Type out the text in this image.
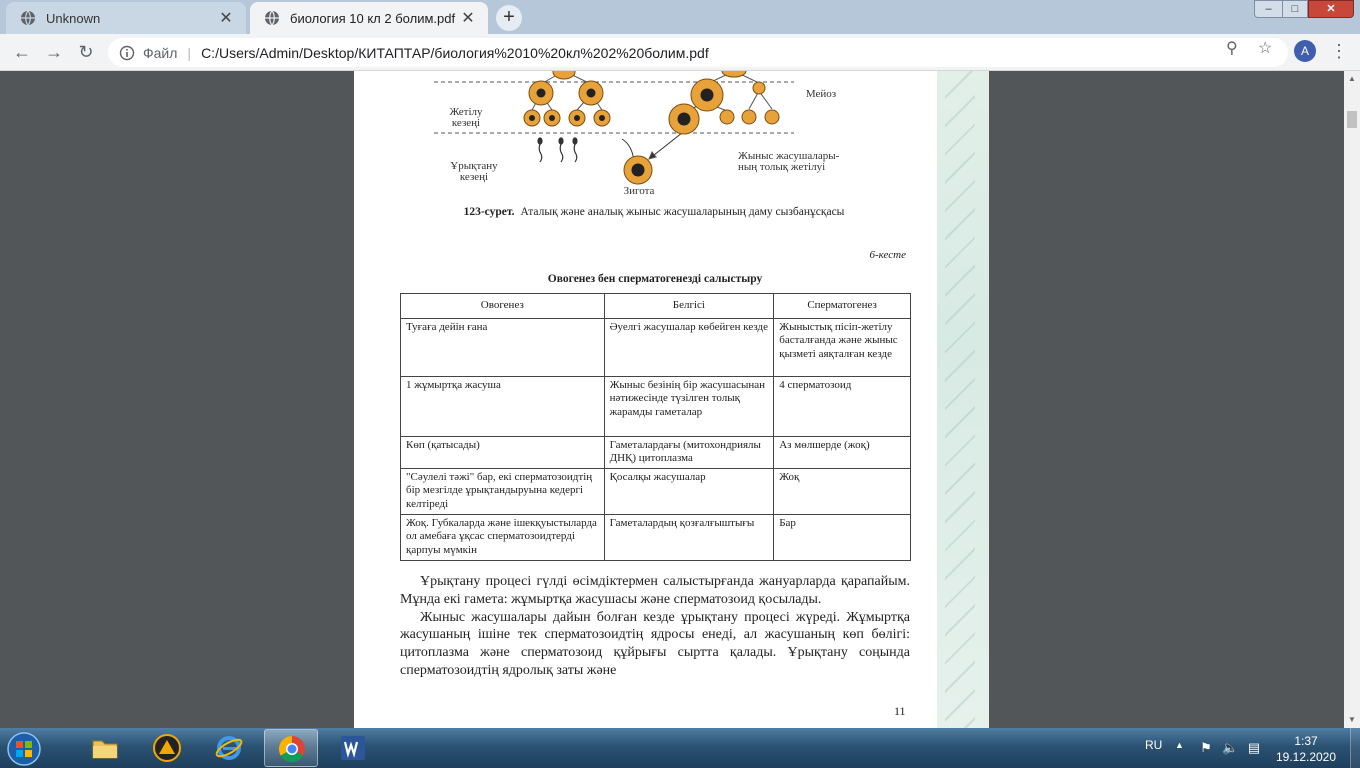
Unknown	✕	биология 10 кл 2 болим.pdf ✕	+	–	□	✕
← → ↻	Файл | C:/Users/Admin/Desktop/КИТАПТАР/биология%2010%20кл%202%20болим.pdf	⚲ ☆	A	⋮
Мейоз
Жетілу
кезеңі
Ұрықтану
кезеңі
Жыныс жасушалары-
ның толық жетілуі
Зигота
123-сурет. Аталық және аналық жыныс жасушаларының даму сызбанұсқасы
6-кесте
Овогенез бен сперматогенезді салыстыру
Овогенез	Белгісі	Сперматогенез
Туғаға дейін ғана	Әуелгі жасушалар көбейген кезде	Жыныстық пісіп-жетілу басталғанда және жыныс қызметі аяқталған кезде
1 жұмыртқа жасуша	Жыныс безінің бір жасушасынан нәтижесінде түзілген толық жарамды гаметалар	4 сперматозоид
Көп (қатысады)	Гаметалардағы (митохондриялы ДНҚ) цитоплазма	Аз мөлшерде (жоқ)
"Сәулелі тәжі" бар, екі сперматозоидтің бір мезгілде ұрықтандыруына кедергі келтіреді	Қосалқы жасушалар	Жоқ
Жоқ. Губкаларда және ішекқуыстыларда ол амебаға ұқсас сперматозоидтерді қарпуы мүмкін	Гаметалардың қозғалғыштығы	Бар

Ұрықтану процесі гүлді өсімдіктермен салыстырғанда жануарларда қарапайым. Мұнда екі гамета: жұмыртқа жасушасы және сперматозоид қосылады.

Жыныс жасушалары дайын болған кезде ұрықтану процесі жүреді. Жұмыртқа жасушаның ішіне тек сперматозоидтің ядросы енеді, ал жасушаның көп бөлігі: цитоплазма және сперматозоид құйрығы сыртта қалады. Ұрықтану соңында сперматозоидтің ядролық заты және

11
▲
▼
RU ▲ ⚑ 🔈 ▤	1:37
19.12.2020
